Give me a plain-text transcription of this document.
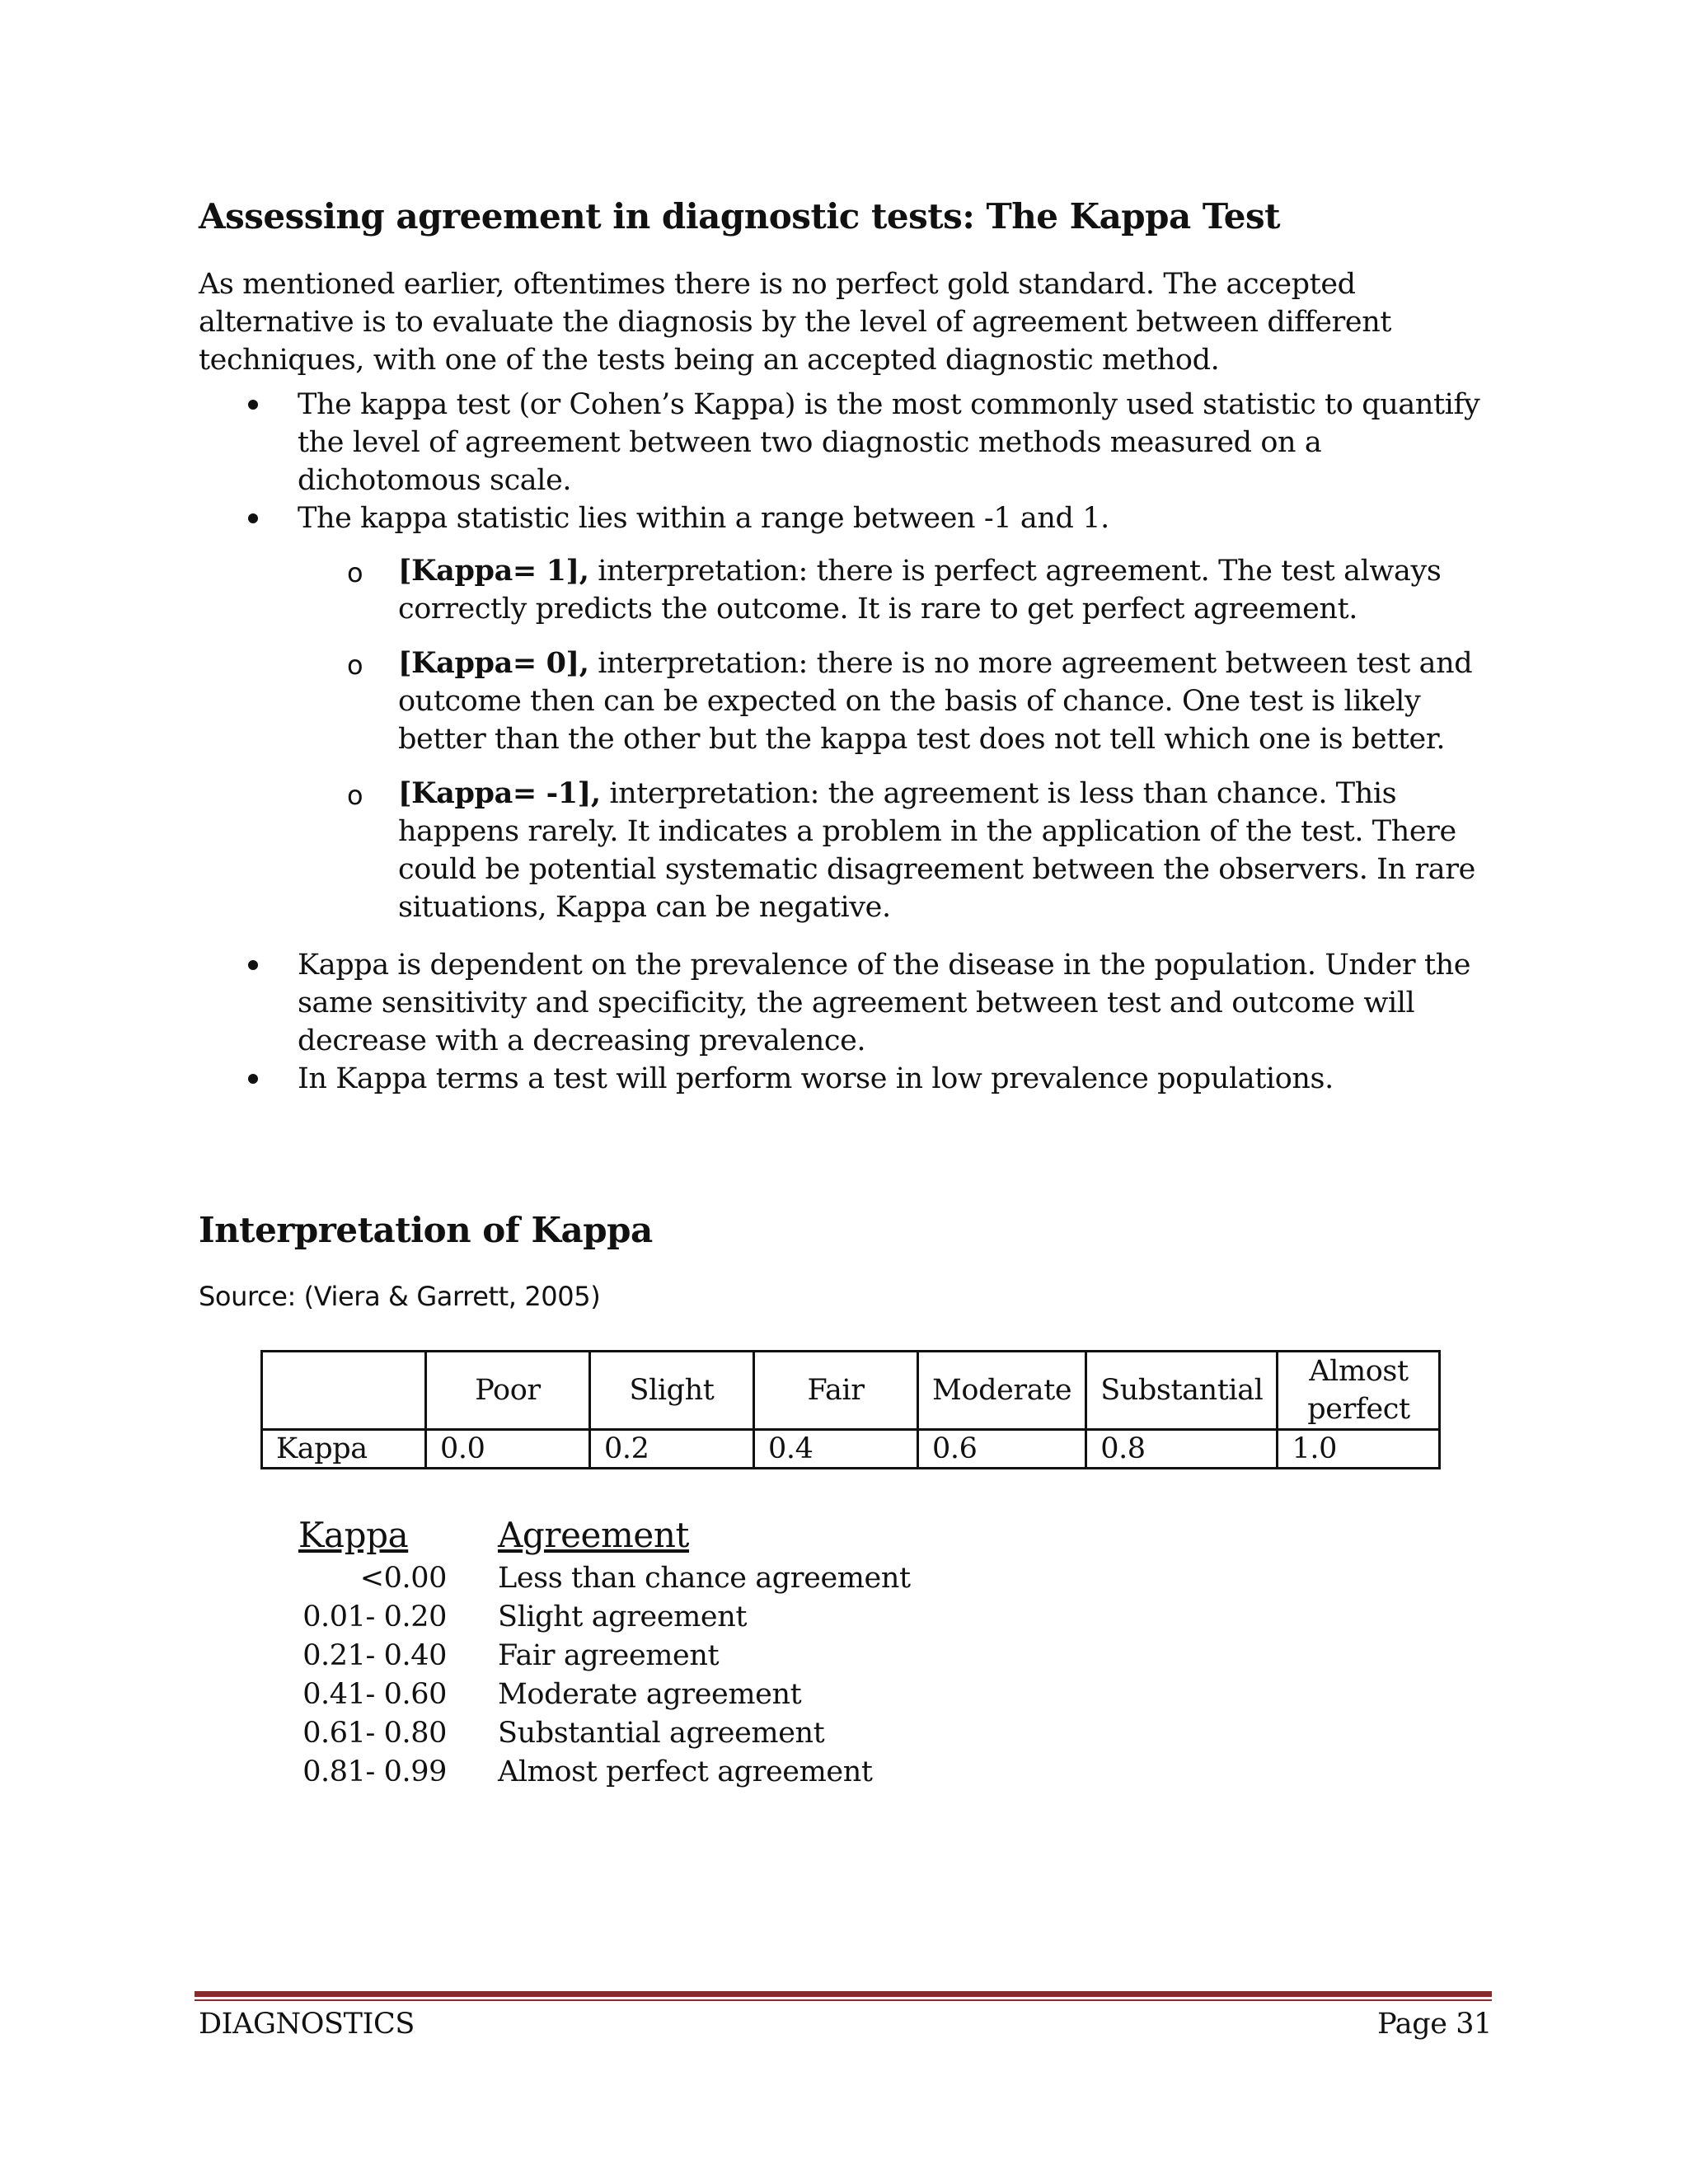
Assessing agreement in diagnostic tests: The Kappa Test
As mentioned earlier, oftentimes there is no perfect gold standard. The accepted alternative is to evaluate the diagnosis by the level of agreement between different techniques, with one of the tests being an accepted diagnostic method.
The kappa test (or Cohen’s Kappa) is the most commonly used statistic to quantify the level of agreement between two diagnostic methods measured on a dichotomous scale.
The kappa statistic lies within a range between -1 and 1.
o [Kappa= 1], interpretation: there is perfect agreement. The test always correctly predicts the outcome. It is rare to get perfect agreement.
o [Kappa= 0], interpretation: there is no more agreement between test and outcome then can be expected on the basis of chance. One test is likely better than the other but the kappa test does not tell which one is better.
o [Kappa= -1], interpretation: the agreement is less than chance. This happens rarely. It indicates a problem in the application of the test. There could be potential systematic disagreement between the observers. In rare situations, Kappa can be negative.
Kappa is dependent on the prevalence of the disease in the population. Under the same sensitivity and specificity, the agreement between test and outcome will decrease with a decreasing prevalence.
In Kappa terms a test will perform worse in low prevalence populations.
Interpretation of Kappa
Source: (Viera & Garrett, 2005)
	Poor	Slight	Fair	Moderate	Substantial	Almost perfect
Kappa	0.0	0.2	0.4	0.6	0.8	1.0
Kappa	Agreement
<0.00 Less than chance agreement
0.01- 0.20 Slight agreement
0.21- 0.40 Fair agreement
0.41- 0.60 Moderate agreement
0.61- 0.80 Substantial agreement
0.81- 0.99 Almost perfect agreement
DIAGNOSTICS	Page 31
